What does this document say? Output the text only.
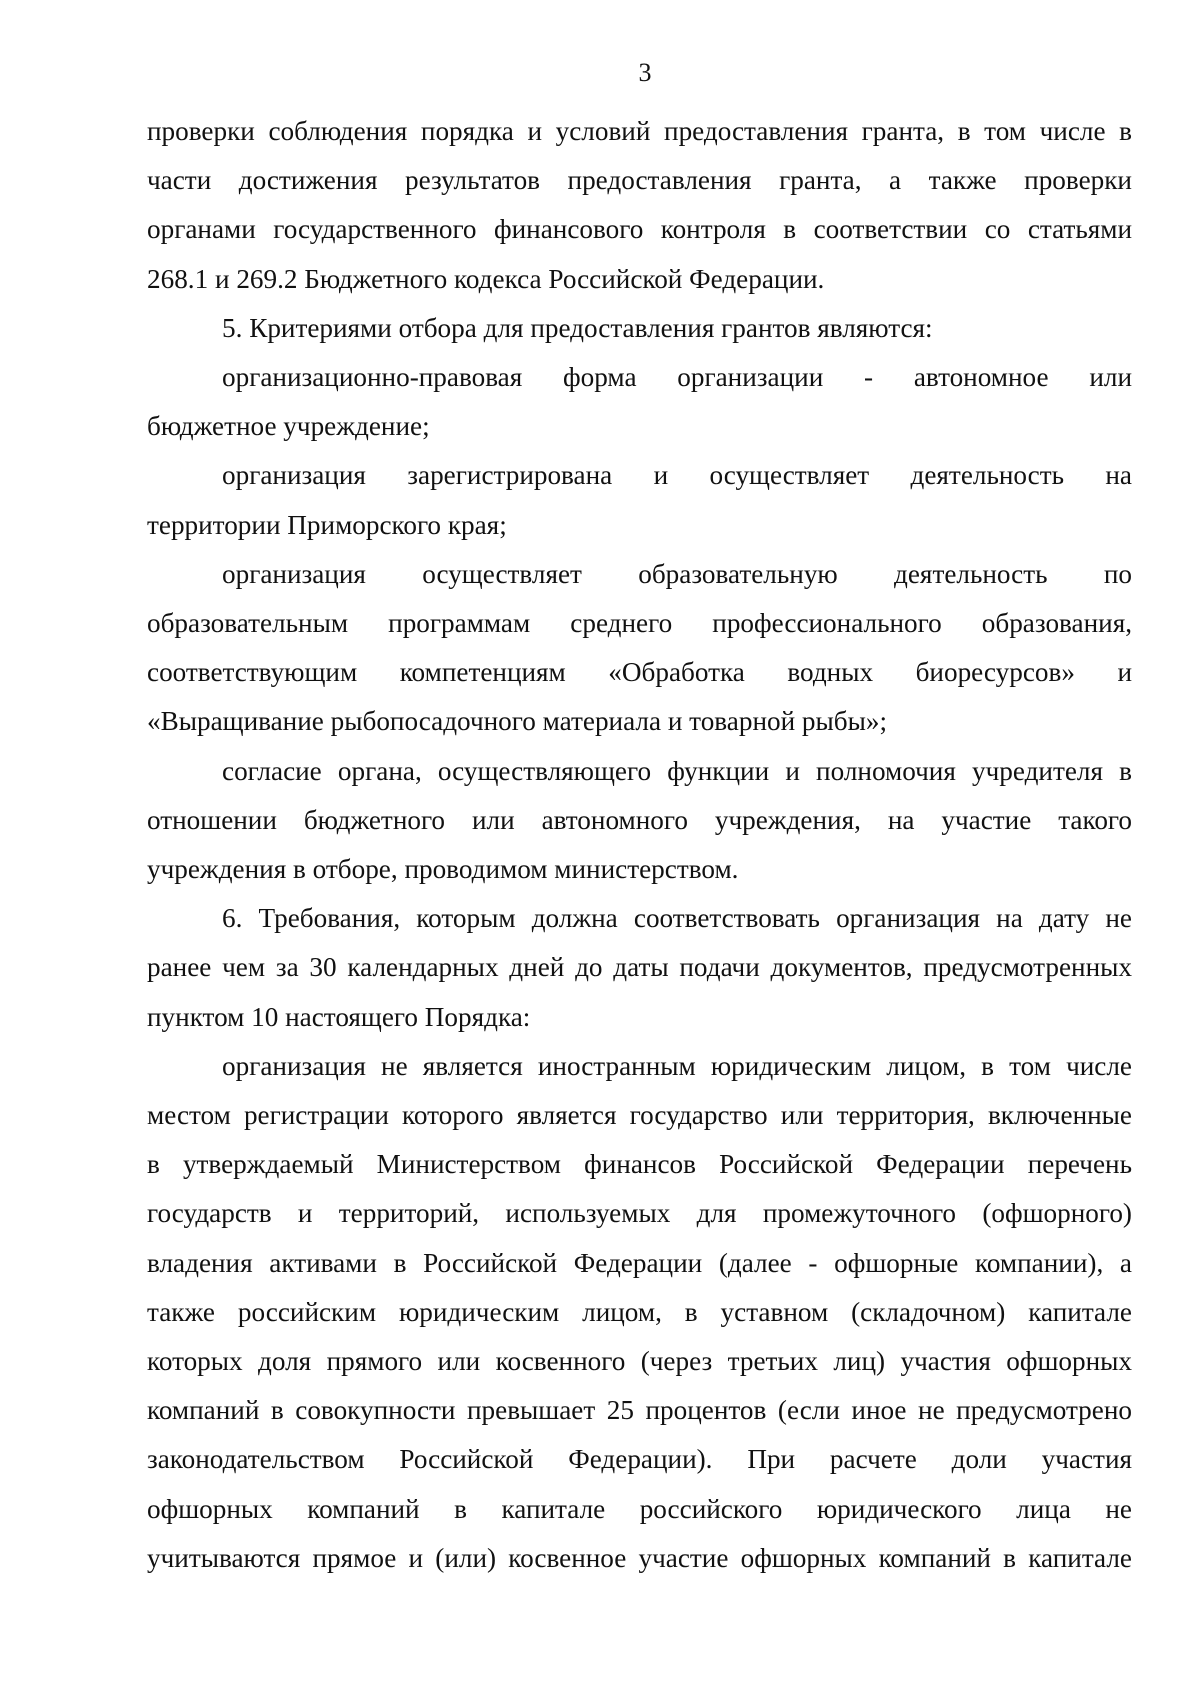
3

проверки соблюдения порядка и условий предоставления гранта, в том числе в
части достижения результатов предоставления гранта, а также проверки
органами государственного финансового контроля в соответствии со статьями
268.1 и 269.2 Бюджетного кодекса Российской Федерации.

5. Критериями отбора для предоставления грантов являются:

организационно-правовая форма организации - автономное или
бюджетное учреждение;

организация зарегистрирована и осуществляет деятельность на
территории Приморского края;

организация осуществляет образовательную деятельность по
образовательным программам среднего профессионального образования,
соответствующим компетенциям «Обработка водных биоресурсов» и
«Выращивание рыбопосадочного материала и товарной рыбы»;

согласие органа, осуществляющего функции и полномочия учредителя в
отношении бюджетного или автономного учреждения, на участие такого
учреждения в отборе, проводимом министерством.

6. Требования, которым должна соответствовать организация на дату не
ранее чем за 30 календарных дней до даты подачи документов, предусмотренных
пунктом 10 настоящего Порядка:

организация не является иностранным юридическим лицом, в том числе
местом регистрации которого является государство или территория, включенные
в утверждаемый Министерством финансов Российской Федерации перечень
государств и территорий, используемых для промежуточного (офшорного)
владения активами в Российской Федерации (далее - офшорные компании), а
также российским юридическим лицом, в уставном (складочном) капитале
которых доля прямого или косвенного (через третьих лиц) участия офшорных
компаний в совокупности превышает 25 процентов (если иное не предусмотрено
законодательством Российской Федерации). При расчете доли участия
офшорных компаний в капитале российского юридического лица не
учитываются прямое и (или) косвенное участие офшорных компаний в капитале
